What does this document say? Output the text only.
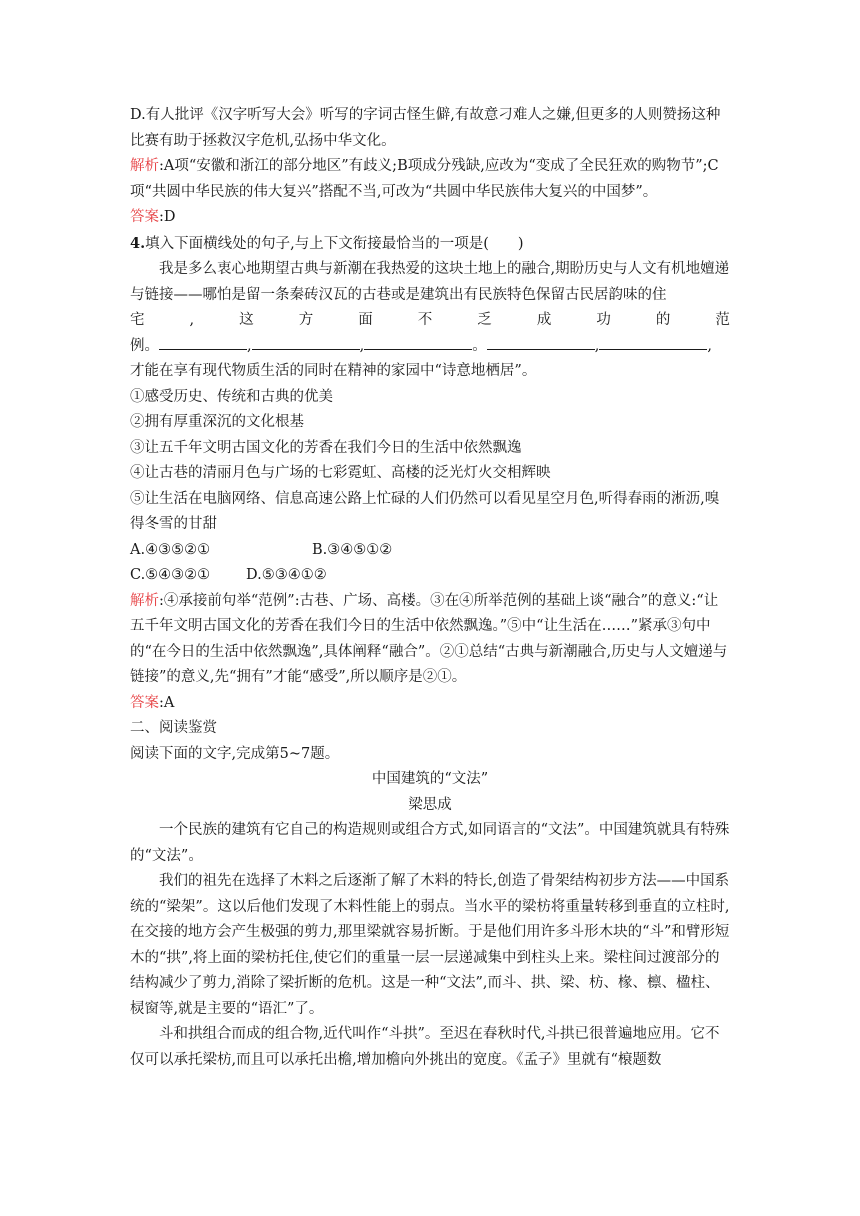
D.有人批评《汉字听写大会》听写的字词古怪生僻,有故意刁难人之嫌,但更多的人则赞扬这种比赛有助于拯救汉字危机,弘扬中华文化。

解析:A项“安徽和浙江的部分地区”有歧义;B项成分残缺,应改为“变成了全民狂欢的购物节”;C项“共圆中华民族的伟大复兴”搭配不当,可改为“共圆中华民族伟大复兴的中国梦”。

答案:D

4.填入下面横线处的句子,与上下文衔接最恰当的一项是(　　)

我是多么衷心地期望古典与新潮在我热爱的这块土地上的融合,期盼历史与人文有机地嬗递与链接——哪怕是留一条秦砖汉瓦的古巷或是建筑出有民族特色保留古民居韵味的住

宅	,	这	方	面	不	乏	成	功	的	范

例。	,	,	。	,	,

才能在享有现代物质生活的同时在精神的家园中“诗意地栖居”。

①感受历史、传统和古典的优美

②拥有厚重深沉的文化根基

③让五千年文明古国文化的芳香在我们今日的生活中依然飘逸

④让古巷的清丽月色与广场的七彩霓虹、高楼的泛光灯火交相辉映

⑤让生活在电脑网络、信息高速公路上忙碌的人们仍然可以看见星空月色,听得春雨的淅沥,嗅得冬雪的甘甜

A.④③⑤②①	B.③④⑤①②

C.⑤④③②① D.⑤③④①②

解析:④承接前句举“范例”:古巷、广场、高楼。③在④所举范例的基础上谈“融合”的意义:“让五千年文明古国文化的芳香在我们今日的生活中依然飘逸。”⑤中“让生活在……”紧承③句中的“在今日的生活中依然飘逸”,具体阐释“融合”。②①总结“古典与新潮融合,历史与人文嬗递与链接”的意义,先“拥有”才能“感受”,所以顺序是②①。

答案:A

二、阅读鉴赏

阅读下面的文字,完成第5~7题。

中国建筑的“文法”

梁思成

一个民族的建筑有它自己的构造规则或组合方式,如同语言的“文法”。中国建筑就具有特殊的“文法”。

我们的祖先在选择了木料之后逐渐了解了木料的特长,创造了骨架结构初步方法——中国系统的“梁架”。这以后他们发现了木料性能上的弱点。当水平的梁枋将重量转移到垂直的立柱时,在交接的地方会产生极强的剪力,那里梁就容易折断。于是他们用许多斗形木块的“斗”和臂形短木的“拱”,将上面的梁枋托住,使它们的重量一层一层递减集中到柱头上来。梁柱间过渡部分的结构减少了剪力,消除了梁折断的危机。这是一种“文法”,而斗、拱、梁、枋、椽、檩、楹柱、棂窗等,就是主要的“语汇”了。

斗和拱组合而成的组合物,近代叫作“斗拱”。至迟在春秋时代,斗拱已很普遍地应用。它不仅可以承托梁枋,而且可以承托出檐,增加檐向外挑出的宽度。《孟子》里就有“榱题数
